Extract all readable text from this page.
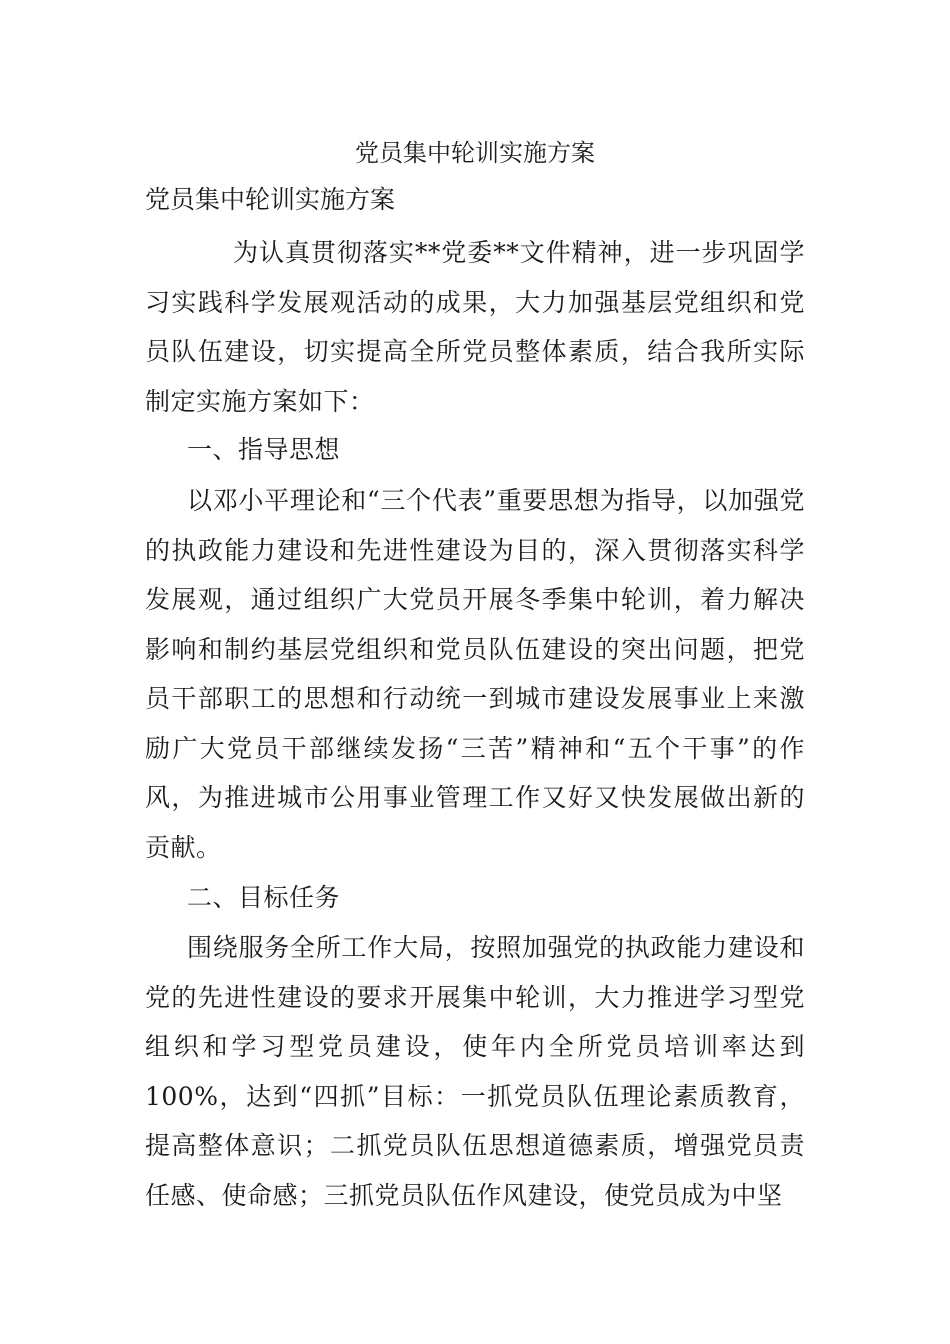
党员集中轮训实施方案

党员集中轮训实施方案

为认真贯彻落实**党委**文件精神，进一步巩固学习实践科学发展观活动的成果，大力加强基层党组织和党员队伍建设，切实提高全所党员整体素质，结合我所实际制定实施方案如下：

一、指导思想

以邓小平理论和“三个代表”重要思想为指导，以加强党的执政能力建设和先进性建设为目的，深入贯彻落实科学发展观，通过组织广大党员开展冬季集中轮训，着力解决影响和制约基层党组织和党员队伍建设的突出问题，把党员干部职工的思想和行动统一到城市建设发展事业上来激励广大党员干部继续发扬“三苦”精神和“五个干事”的作风，为推进城市公用事业管理工作又好又快发展做出新的贡献。

二、目标任务

围绕服务全所工作大局，按照加强党的执政能力建设和党的先进性建设的要求开展集中轮训，大力推进学习型党组织和学习型党员建设，使年内全所党员培训率达到100%，达到“四抓”目标：一抓党员队伍理论素质教育，提高整体意识；二抓党员队伍思想道德素质，增强党员责任感、使命感；三抓党员队伍作风建设，使党员成为中坚
